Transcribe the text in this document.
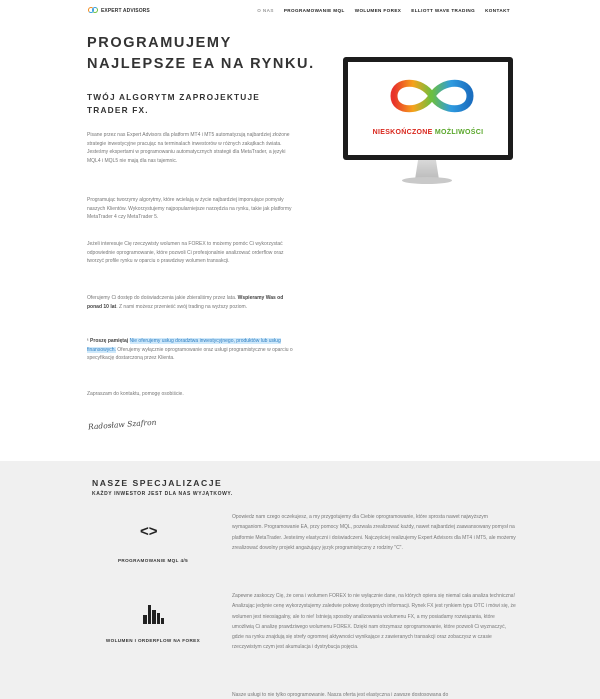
EXPERT ADVISORS	O NAS PROGRAMOWANIE MQL WOLUMEN FOREX ELLIOTT WAVE TRADING KONTAKT
PROGRAMUJEMY
NAJLEPSZE EA NA RYNKU.
TWÓJ ALGORYTM ZAPROJEKTUJE
TRADER FX.

Pisane przez nas Expert Advisors dla platform MT4 i MT5 automatyzują najbardziej złożone strategie inwestycyjne pracując na terminalach inwestorów w różnych zakątkach świata. Jesteśmy ekspertami w programowaniu automatycznych strategii dla MetaTrader, a języki MQL4 i MQL5 nie mają dla nas tajemnic.

Programując tworzymy algorytmy, które wcielają w życie najbardziej imponujące pomysły naszych Klientów. Wykorzystujemy najpopularniejsze narzędzia na rynku, takie jak platformy MetaTrader 4 czy MetaTrader 5.

Jeżeli interesuje Cię rzeczywisty wolumen na FOREX to możemy pomóc Ci wykorzystać odpowiednie oprogramowanie, które pozwoli Ci profesjonalnie analizować orderflow oraz tworzyć profile rynku w oparciu o prawdziwy wolumen transakcji.

Oferujemy Ci dostęp do doświadczenia jakie zbieraliśmy przez lata. Wspieramy Was od ponad 10 lat. Z nami możesz przenieść swój trading na wyższy poziom.

¹ Proszę pamiętaj Nie oferujemy usług doradztwa inwestycyjnego, produktów lub usług finansowych. Oferujemy wyłącznie oprogramowanie oraz usługi programistyczne w oparciu o specyfikację dostarczoną przez Klienta.

Zapraszam do kontaktu, pomogę osobiście.

Radosław Szafron
NIESKOŃCZONE MOŻLIWOŚCI
NASZE SPECJALIZACJE
KAŻDY INWESTOR JEST DLA NAS WYJĄTKOWY.
<>
PROGRAMOWANIE MQL 4/5

Opowiedz nam czego oczekujesz, a my przygotujemy dla Ciebie oprogramowanie, które sprosta nawet najwyższym wymaganiom. Programowanie EA, przy pomocy MQL, pozwala zrealizować każdy, nawet najbardziej zaawansowany pomysł na platformie MetaTrader. Jesteśmy elastyczni i doświadczeni. Najczęściej realizujemy Expert Advisors dla MT4 i MT5, ale możemy zrealizować dowolny projekt angażujący język programistyczny z rodziny "C".

WOLUMEN I ORDERFLOW NA FOREX

Zapewne zaskoczy Cię, że cena i wolumen FOREX to nie wyłącznie dane, na których opiera się niemal cała analiza techniczna! Analizując jedynie cenę wykorzystujemy zaledwie połowę dostępnych informacji. Rynek FX jest rynkiem typu OTC i mówi się, że wolumen jest nieosiągalny, ale to nie! Istnieją sposoby analizowania wolumenu FX, a my posiadamy rozwiązania, które umożliwią Ci analizę prawdziwego wolumenu FOREX. Dzięki nam otrzymasz oprogramowanie, które pozwoli Ci wyznaczyć, gdzie na rynku znajdują się strefy ogromnej aktywności wynikające z zawieranych transakcji oraz zobaczysz w czasie rzeczywistym czym jest akumulacja i dystrybucja pojęcia.

Nasze usługi to nie tylko oprogramowanie. Nasza oferta jest elastyczna i zawsze dostosowana do
